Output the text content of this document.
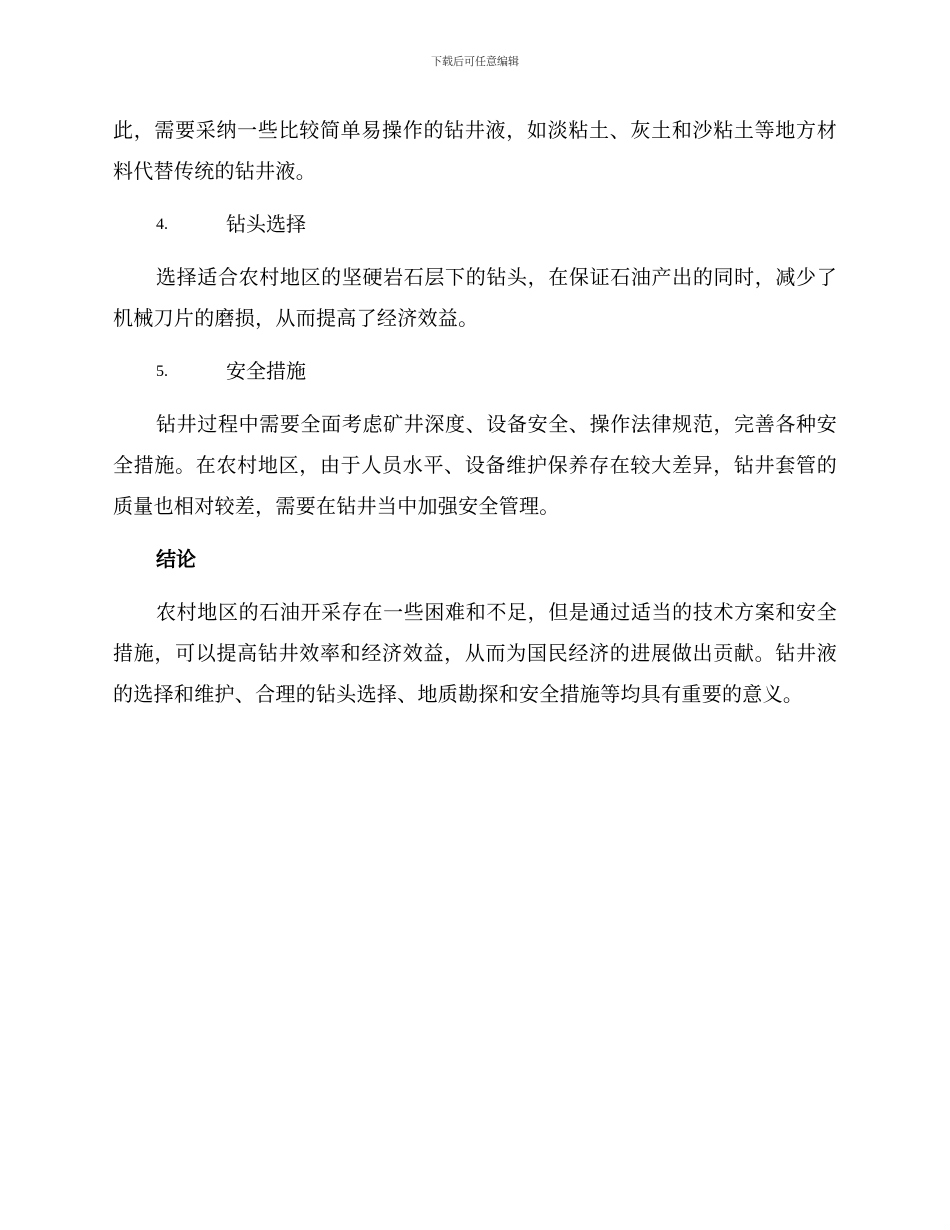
下载后可任意编辑

此，需要采纳一些比较简单易操作的钻井液，如淡粘土、灰土和沙粘土等地方材料代替传统的钻井液。

4.	钻头选择

选择适合农村地区的坚硬岩石层下的钻头，在保证石油产出的同时，减少了机械刀片的磨损，从而提高了经济效益。

5.	安全措施

钻井过程中需要全面考虑矿井深度、设备安全、操作法律规范，完善各种安全措施。在农村地区，由于人员水平、设备维护保养存在较大差异，钻井套管的质量也相对较差，需要在钻井当中加强安全管理。

结论

农村地区的石油开采存在一些困难和不足，但是通过适当的技术方案和安全措施，可以提高钻井效率和经济效益，从而为国民经济的进展做出贡献。钻井液的选择和维护、合理的钻头选择、地质勘探和安全措施等均具有重要的意义。
